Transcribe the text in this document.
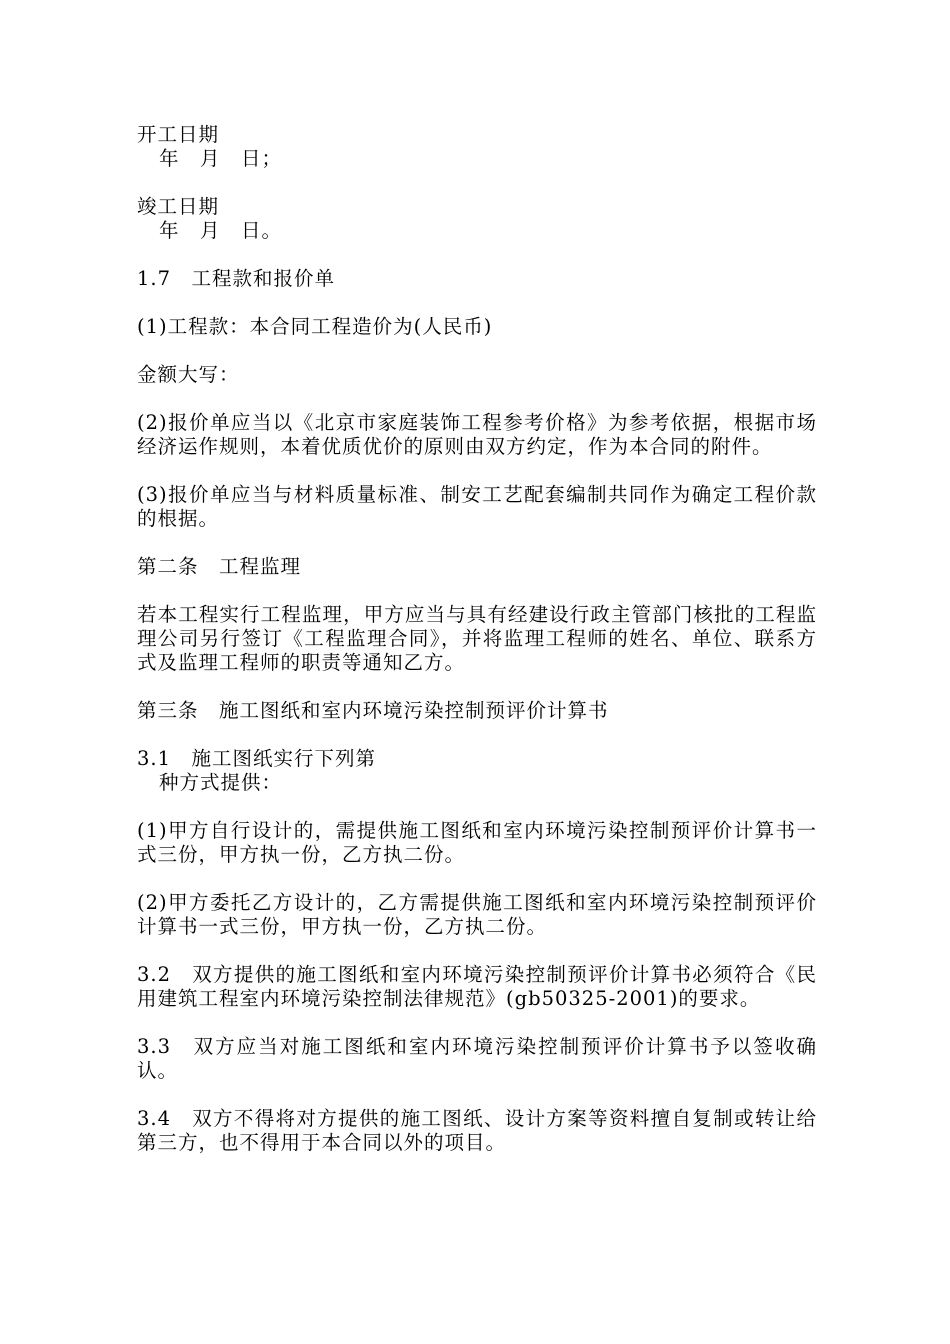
开工日期
年　月　日；

竣工日期
年　月　日。

1.7　工程款和报价单

(1)工程款：本合同工程造价为(人民币)

金额大写：

(2)报价单应当以《北京市家庭装饰工程参考价格》为参考依据，根据市场经济运作规则，本着优质优价的原则由双方约定，作为本合同的附件。

(3)报价单应当与材料质量标准、制安工艺配套编制共同作为确定工程价款的根据。

第二条　工程监理

若本工程实行工程监理，甲方应当与具有经建设行政主管部门核批的工程监理公司另行签订《工程监理合同》，并将监理工程师的姓名、单位、联系方式及监理工程师的职责等通知乙方。

第三条　施工图纸和室内环境污染控制预评价计算书

3.1　施工图纸实行下列第
种方式提供：

(1)甲方自行设计的，需提供施工图纸和室内环境污染控制预评价计算书一式三份，甲方执一份，乙方执二份。

(2)甲方委托乙方设计的，乙方需提供施工图纸和室内环境污染控制预评价计算书一式三份，甲方执一份，乙方执二份。

3.2　双方提供的施工图纸和室内环境污染控制预评价计算书必须符合《民用建筑工程室内环境污染控制法律规范》(gb50325-2001)的要求。

3.3　双方应当对施工图纸和室内环境污染控制预评价计算书予以签收确认。

3.4　双方不得将对方提供的施工图纸、设计方案等资料擅自复制或转让给第三方，也不得用于本合同以外的项目。
